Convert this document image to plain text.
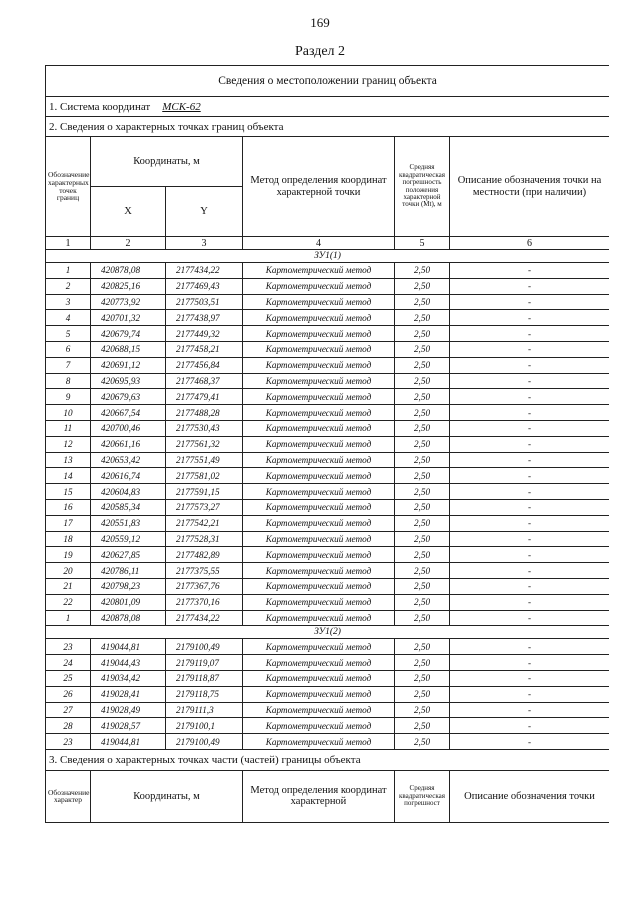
169
Раздел 2
Сведения о местоположении границ объекта					
1. Система координат МСК-62					
2. Сведения о характерных точках границ объекта					
Обозначение характерных точек границ	Координаты, м		Метод определения координат характерной точки	Средняя квадратическая погрешность положения характерной точки (Мt), м	Описание обозначения точки на местности (при наличии)
	X	Y			
1	2	3	4	5	6
ЗУ1(1)					
1	420878,08	2177434,22	Картометрический метод	2,50	-
2	420825,16	2177469,43	Картометрический метод	2,50	-
3	420773,92	2177503,51	Картометрический метод	2,50	-
4	420701,32	2177438,97	Картометрический метод	2,50	-
5	420679,74	2177449,32	Картометрический метод	2,50	-
6	420688,15	2177458,21	Картометрический метод	2,50	-
7	420691,12	2177456,84	Картометрический метод	2,50	-
8	420695,93	2177468,37	Картометрический метод	2,50	-
9	420679,63	2177479,41	Картометрический метод	2,50	-
10	420667,54	2177488,28	Картометрический метод	2,50	-
11	420700,46	2177530,43	Картометрический метод	2,50	-
12	420661,16	2177561,32	Картометрический метод	2,50	-
13	420653,42	2177551,49	Картометрический метод	2,50	-
14	420616,74	2177581,02	Картометрический метод	2,50	-
15	420604,83	2177591,15	Картометрический метод	2,50	-
16	420585,34	2177573,27	Картометрический метод	2,50	-
17	420551,83	2177542,21	Картометрический метод	2,50	-
18	420559,12	2177528,31	Картометрический метод	2,50	-
19	420627,85	2177482,89	Картометрический метод	2,50	-
20	420786,11	2177375,55	Картометрический метод	2,50	-
21	420798,23	2177367,76	Картометрический метод	2,50	-
22	420801,09	2177370,16	Картометрический метод	2,50	-
1	420878,08	2177434,22	Картометрический метод	2,50	-
ЗУ1(2)					
23	419044,81	2179100,49	Картометрический метод	2,50	-
24	419044,43	2179119,07	Картометрический метод	2,50	-
25	419034,42	2179118,87	Картометрический метод	2,50	-
26	419028,41	2179118,75	Картометрический метод	2,50	-
27	419028,49	2179111,3	Картометрический метод	2,50	-
28	419028,57	2179100,1	Картометрический метод	2,50	-
23	419044,81	2179100,49	Картометрический метод	2,50	-
3. Сведения о характерных точках части (частей) границы объекта					
Обозначение характер	Координаты, м		Метод определения координат характерной	Средняя квадратическая погрешност	Описание обозначения точки
